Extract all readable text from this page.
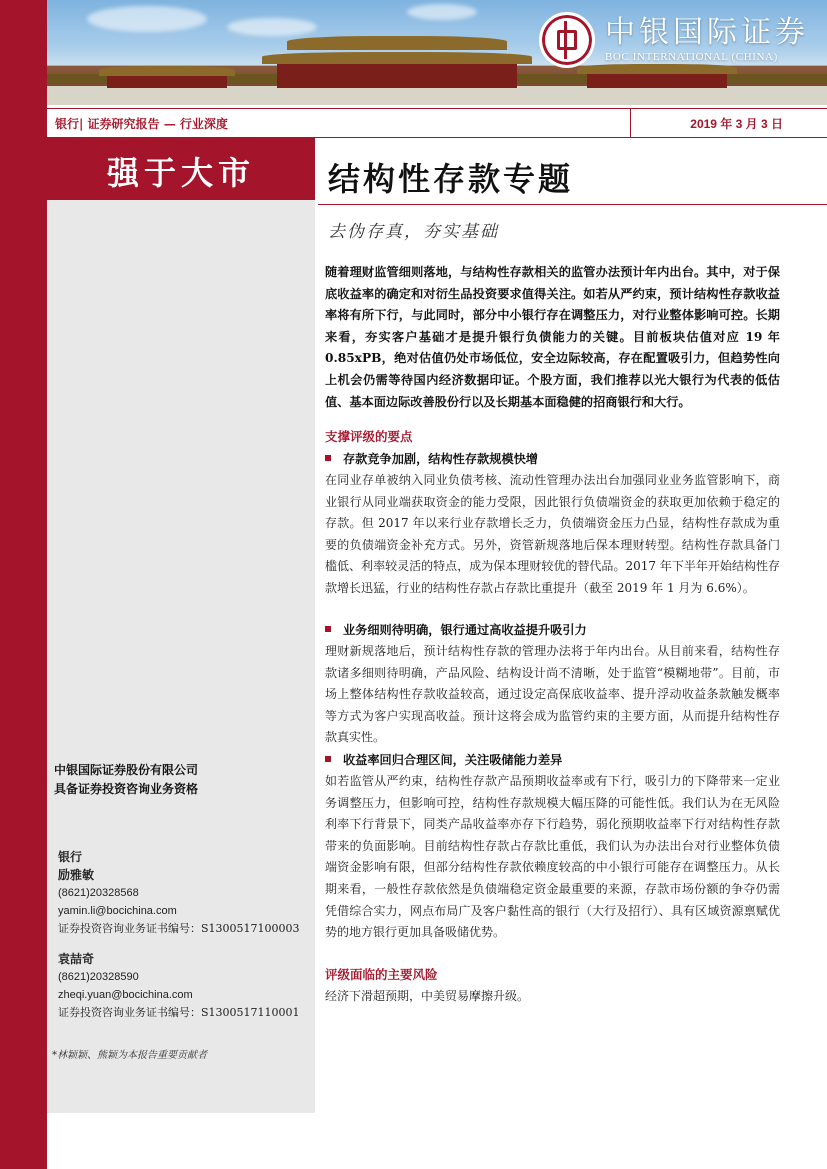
中银国际证券
BOC INTERNATIONAL (CHINA)
银行| 证券研究报告 — 行业深度	2019 年 3 月 3 日
强于大市
中银国际证券股份有限公司
具备证券投资咨询业务资格
银行
励雅敏
(8621)20328568
yamin.li@bocichina.com
证券投资咨询业务证书编号：S1300517100003
袁喆奇
(8621)20328590
zheqi.yuan@bocichina.com
证券投资咨询业务证书编号：S1300517110001
*林颖颖、熊颖为本报告重要贡献者
结构性存款专题
去伪存真，夯实基础
随着理财监管细则落地，与结构性存款相关的监管办法预计年内出台。其中，对于保底收益率的确定和对衍生品投资要求值得关注。如若从严约束，预计结构性存款收益率将有所下行，与此同时，部分中小银行存在调整压力，对行业整体影响可控。长期来看，夯实客户基础才是提升银行负债能力的关键。目前板块估值对应 19 年 0.85xPB，绝对估值仍处市场低位，安全边际较高，存在配置吸引力，但趋势性向上机会仍需等待国内经济数据印证。个股方面，我们推荐以光大银行为代表的低估值、基本面边际改善股份行以及长期基本面稳健的招商银行和大行。
支撑评级的要点
存款竞争加剧，结构性存款规模快增
在同业存单被纳入同业负债考核、流动性管理办法出台加强同业业务监管影响下，商业银行从同业端获取资金的能力受限，因此银行负债端资金的获取更加依赖于稳定的存款。但 2017 年以来行业存款增长乏力，负债端资金压力凸显，结构性存款成为重要的负债端资金补充方式。另外，资管新规落地后保本理财转型。结构性存款具备门槛低、利率较灵活的特点，成为保本理财较优的替代品。2017 年下半年开始结构性存款增长迅猛，行业的结构性存款占存款比重提升（截至 2019 年 1 月为 6.6%）。
业务细则待明确，银行通过高收益提升吸引力
理财新规落地后，预计结构性存款的管理办法将于年内出台。从目前来看，结构性存款诸多细则待明确，产品风险、结构设计尚不清晰，处于监管“模糊地带”。目前，市场上整体结构性存款收益较高，通过设定高保底收益率、提升浮动收益条款触发概率等方式为客户实现高收益。预计这将会成为监管约束的主要方面，从而提升结构性存款真实性。
收益率回归合理区间，关注吸储能力差异
如若监管从严约束，结构性存款产品预期收益率或有下行，吸引力的下降带来一定业务调整压力，但影响可控，结构性存款规模大幅压降的可能性低。我们认为在无风险利率下行背景下，同类产品收益率亦存下行趋势，弱化预期收益率下行对结构性存款带来的负面影响。目前结构性存款占存款比重低，我们认为办法出台对行业整体负债端资金影响有限，但部分结构性存款依赖度较高的中小银行可能存在调整压力。从长期来看，一般性存款依然是负债端稳定资金最重要的来源，存款市场份额的争夺仍需凭借综合实力，网点布局广及客户黏性高的银行（大行及招行）、具有区域资源禀赋优势的地方银行更加具备吸储优势。
评级面临的主要风险
经济下滑超预期，中美贸易摩擦升级。
